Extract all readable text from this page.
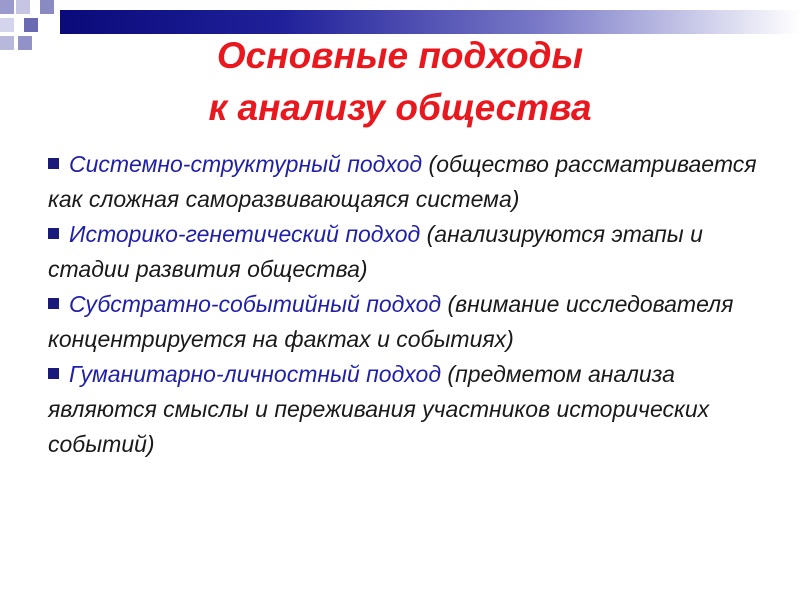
Основные подходы
к анализу общества
Системно-структурный подход (общество рассматривается как сложная саморазвивающаяся система)
Историко-генетический подход (анализируются этапы и стадии развития общества)
Субстратно-событийный подход (внимание исследователя концентрируется на фактах и событиях)
Гуманитарно-личностный подход (предметом анализа являются смыслы и переживания участников исторических событий)
